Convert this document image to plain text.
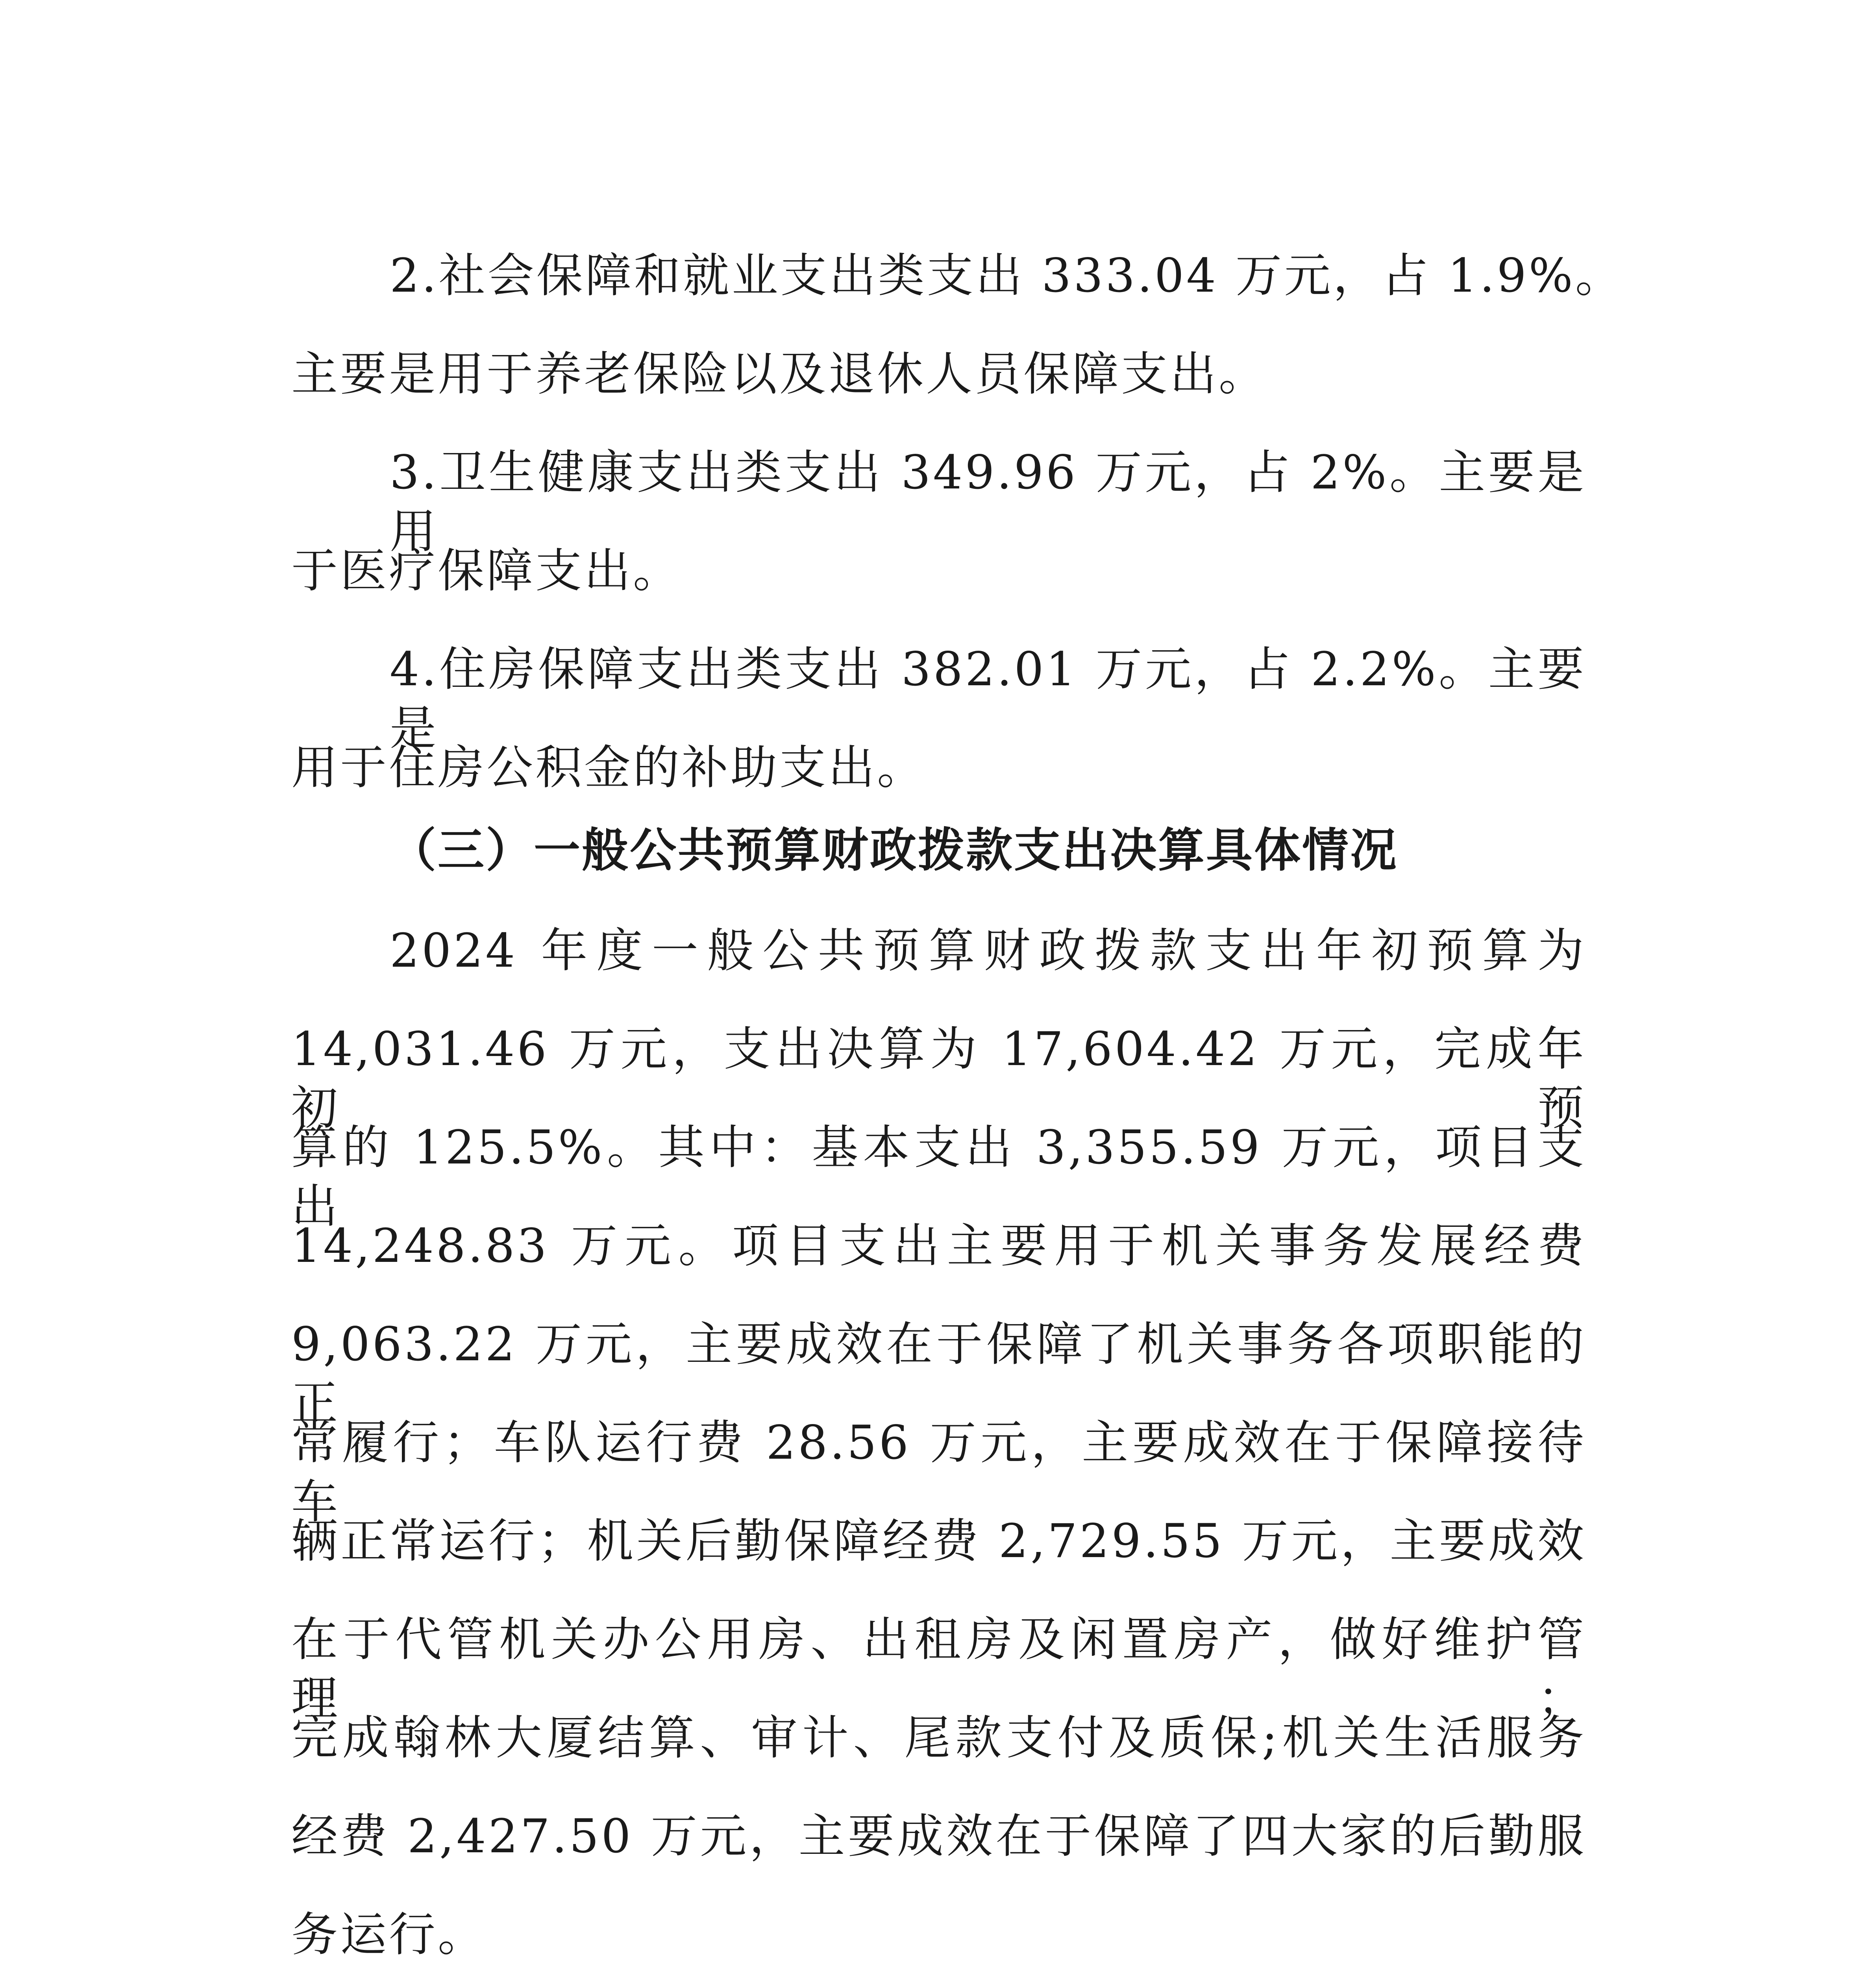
2.社会保障和就业支出类支出 333.04 万元，占 1.9%。
主要是用于养老保险以及退休人员保障支出。
3.卫生健康支出类支出 349.96 万元，占 2%。主要是用
于医疗保障支出。
4.住房保障支出类支出 382.01 万元，占 2.2%。主要是
用于住房公积金的补助支出。
（三）一般公共预算财政拨款支出决算具体情况
2024 年度一般公共预算财政拨款支出年初预算为
14,031.46 万元，支出决算为 17,604.42 万元，完成年初预
算的 125.5%。其中：基本支出 3,355.59 万元，项目支出
14,248.83 万元。项目支出主要用于机关事务发展经费
9,063.22 万元，主要成效在于保障了机关事务各项职能的正
常履行；车队运行费 28.56 万元，主要成效在于保障接待车
辆正常运行；机关后勤保障经费 2,729.55 万元，主要成效
在于代管机关办公用房、出租房及闲置房产，做好维护管理；
完成翰林大厦结算、审计、尾款支付及质保;机关生活服务
经费 2,427.50 万元，主要成效在于保障了四大家的后勤服
务运行。
